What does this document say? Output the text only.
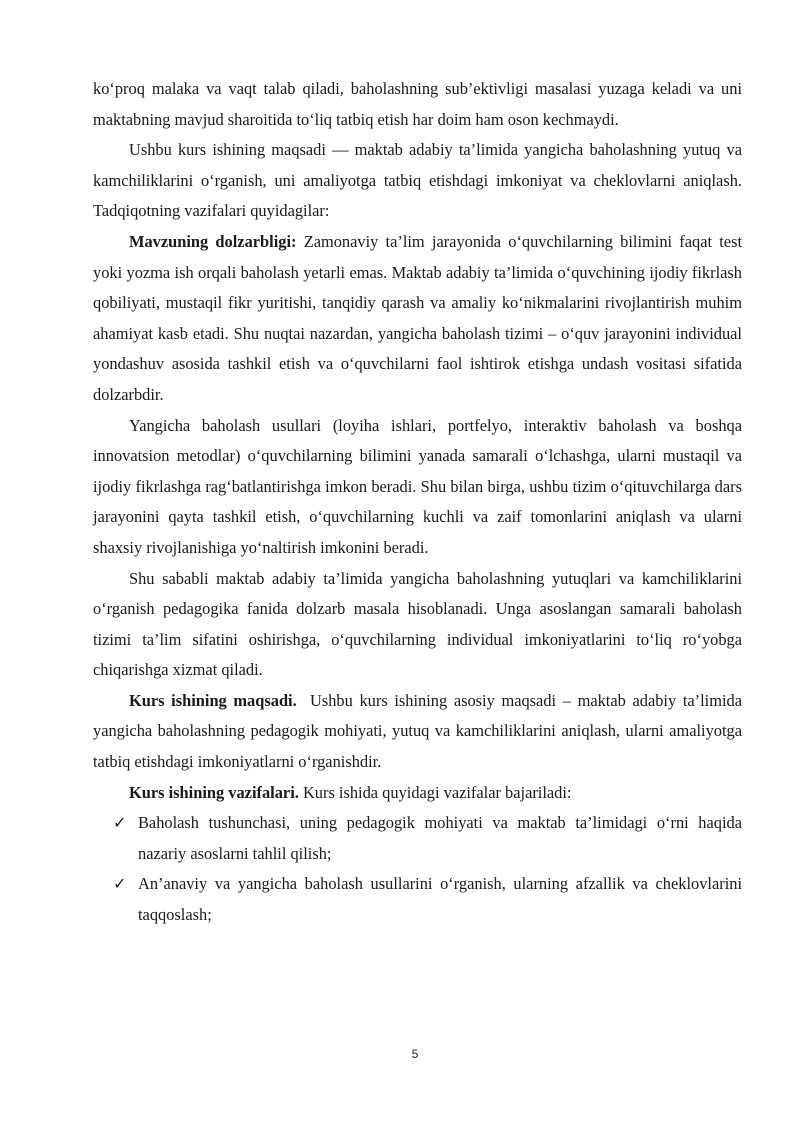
ko‘proq malaka va vaqt talab qiladi, baholashning sub’ektivligi masalasi yuzaga keladi va uni maktabning mavjud sharoitida to‘liq tatbiq etish har doim ham oson kechmaydi.

Ushbu kurs ishining maqsadi — maktab adabiy ta’limida yangicha baholashning yutuq va kamchiliklarini o‘rganish, uni amaliyotga tatbiq etishdagi imkoniyat va cheklovlarni aniqlash. Tadqiqotning vazifalari quyidagilar:

Mavzuning dolzarbligi: Zamonaviy ta’lim jarayonida o‘quvchilarning bilimini faqat test yoki yozma ish orqali baholash yetarli emas. Maktab adabiy ta’limida o‘quvchining ijodiy fikrlash qobiliyati, mustaqil fikr yuritishi, tanqidiy qarash va amaliy ko‘nikmalarini rivojlantirish muhim ahamiyat kasb etadi. Shu nuqtai nazardan, yangicha baholash tizimi – o‘quv jarayonini individual yondashuv asosida tashkil etish va o‘quvchilarni faol ishtirok etishga undash vositasi sifatida dolzarbdir.

Yangicha baholash usullari (loyiha ishlari, portfelyo, interaktiv baholash va boshqa innovatsion metodlar) o‘quvchilarning bilimini yanada samarali o‘lchashga, ularni mustaqil va ijodiy fikrlashga rag‘batlantirishga imkon beradi. Shu bilan birga, ushbu tizim o‘qituvchilarga dars jarayonini qayta tashkil etish, o‘quvchilarning kuchli va zaif tomonlarini aniqlash va ularni shaxsiy rivojlanishiga yo‘naltirish imkonini beradi.

Shu sababli maktab adabiy ta’limida yangicha baholashning yutuqlari va kamchiliklarini o‘rganish pedagogika fanida dolzarb masala hisoblanadi. Unga asoslangan samarali baholash tizimi ta’lim sifatini oshirishga, o‘quvchilarning individual imkoniyatlarini to‘liq ro‘yobga chiqarishga xizmat qiladi.

Kurs ishining maqsadi.  Ushbu kurs ishining asosiy maqsadi – maktab adabiy ta’limida yangicha baholashning pedagogik mohiyati, yutuq va kamchiliklarini aniqlash, ularni amaliyotga tatbiq etishdagi imkoniyatlarni o‘rganishdir.

Kurs ishining vazifalari. Kurs ishida quyidagi vazifalar bajariladi:

✓ Baholash tushunchasi, uning pedagogik mohiyati va maktab ta’limidagi o‘rni haqida nazariy asoslarni tahlil qilish;
✓ An’anaviy va yangicha baholash usullarini o‘rganish, ularning afzallik va cheklovlarini taqqoslash;
5
